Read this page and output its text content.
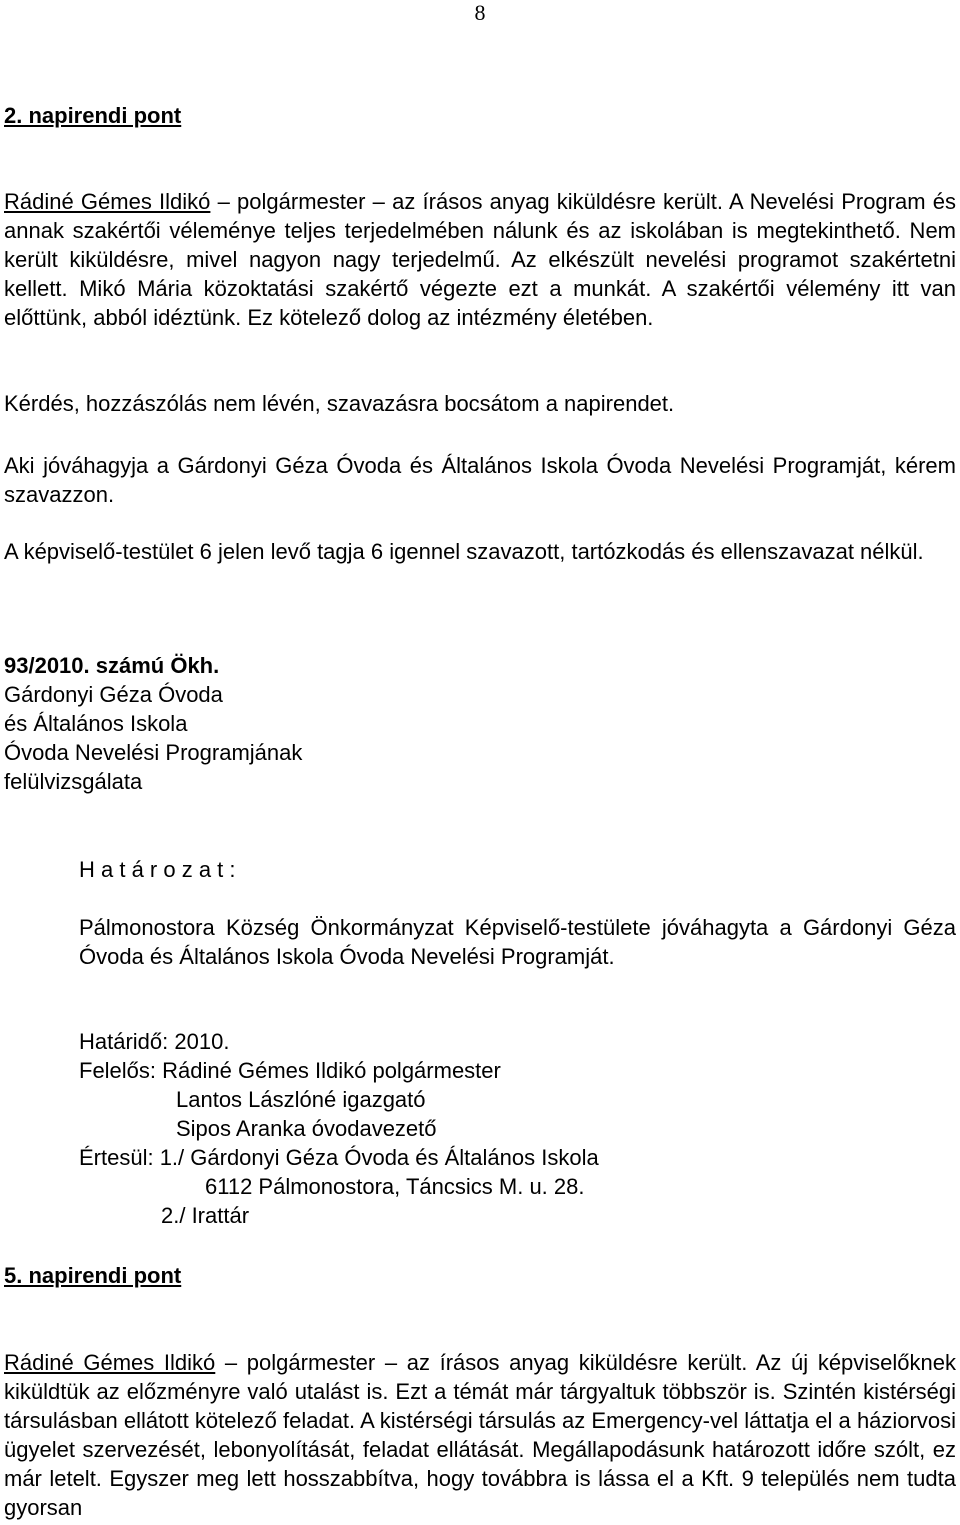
8
2. napirendi pont
Rádiné Gémes Ildikó – polgármester – az írásos anyag kiküldésre került. A Nevelési Program és annak szakértői véleménye teljes terjedelmében nálunk és az iskolában is megtekinthető. Nem került kiküldésre, mivel nagyon nagy terjedelmű. Az elkészült nevelési programot szakértetni kellett. Mikó Mária közoktatási szakértő végezte ezt a munkát. A szakértői vélemény itt van előttünk, abból idéztünk. Ez kötelező dolog az intézmény életében.
Kérdés, hozzászólás nem lévén, szavazásra bocsátom a napirendet.
Aki jóváhagyja a Gárdonyi Géza Óvoda és Általános Iskola Óvoda Nevelési Programját, kérem szavazzon.
A képviselő-testület 6 jelen levő tagja 6 igennel szavazott, tartózkodás és ellenszavazat nélkül.
93/2010. számú Ökh.
Gárdonyi Géza Óvoda
és Általános Iskola
Óvoda Nevelési Programjának
felülvizsgálata
H a t á r o z a t :
Pálmonostora Község Önkormányzat Képviselő-testülete jóváhagyta a Gárdonyi Géza Óvoda és Általános Iskola Óvoda Nevelési Programját.
Határidő: 2010.
Felelős: Rádiné Gémes Ildikó polgármester
Lantos Lászlóné igazgató
Sipos Aranka óvodavezető
Értesül: 1./ Gárdonyi Géza Óvoda és Általános Iskola
6112 Pálmonostora, Táncsics M. u. 28.
2./ Irattár
5. napirendi pont
Rádiné Gémes Ildikó – polgármester – az írásos anyag kiküldésre került. Az új képviselőknek kiküldtük az előzményre való utalást is. Ezt a témát már tárgyaltuk többször is. Szintén kistérségi társulásban ellátott kötelező feladat. A kistérségi társulás az Emergency-vel láttatja el a háziorvosi ügyelet szervezését, lebonyolítását, feladat ellátását. Megállapodásunk határozott időre szólt, ez már letelt. Egyszer meg lett hosszabbítva, hogy továbbra is lássa el a Kft. 9 település nem tudta gyorsan
